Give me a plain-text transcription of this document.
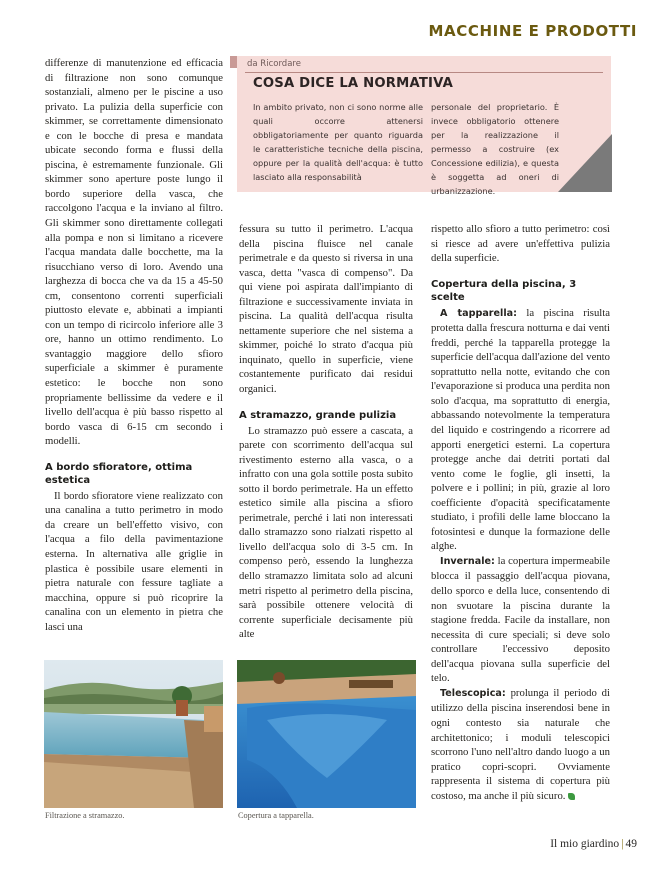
MACCHINE E PRODOTTI

differenze di manutenzione ed efficacia di filtrazione non sono comunque sostanziali, almeno per le piscine a uso privato. La pulizia della superficie con skimmer, se correttamente dimensionato e con le bocche di presa e mandata ubicate secondo forma e flussi della piscina, è estremamente funzionale. Gli skimmer sono aperture poste lungo il bordo superiore della vasca, che raccolgono l'acqua e la inviano al filtro. Gli skimmer sono direttamente collegati alla pompa e non si limitano a ricevere l'acqua mandata dalle bocchette, ma la risucchiano verso di loro. Avendo una larghezza di bocca che va da 15 a 45-50 cm, consentono correnti superficiali piuttosto elevate e, abbinati a impianti con un tempo di ricircolo inferiore alle 3 ore, hanno un ottimo rendimento. Lo svantaggio maggiore dello sfioro superficiale a skimmer è puramente estetico: le bocche non sono propriamente bellissime da vedere e il livello dell'acqua è più basso rispetto al bordo vasca di 6-15 cm secondo i modelli.

A bordo sfioratore, ottima estetica

Il bordo sfioratore viene realizzato con una canalina a tutto perimetro in modo da creare un bell'effetto visivo, con l'acqua a filo della pavimentazione esterna. In alternativa alle griglie in plastica è possibile usare elementi in pietra naturale con fessure tagliate a macchina, oppure si può ricoprire la canalina con un elemento in pietra che lasci una

da Ricordare
COSA DICE LA NORMATIVA
In ambito privato, non ci sono norme alle quali occorre attenersi obbligatoriamente per quanto riguarda le caratteristiche tecniche della piscina, oppure per la qualità dell'acqua: è tutto lasciato alla responsabilità
personale del proprietario. È invece obbligatorio ottenere per la realizzazione il permesso a costruire (ex Concessione edilizia), e questa è soggetta ad oneri di urbanizzazione.

fessura su tutto il perimetro. L'acqua della piscina fluisce nel canale perimetrale e da questo si riversa in una vasca, detta "vasca di compenso". Da qui viene poi aspirata dall'impianto di filtrazione e successivamente inviata in piscina. La qualità dell'acqua risulta nettamente superiore che nel sistema a skimmer, poiché lo strato d'acqua più inquinato, quello in superficie, viene costantemente purificato dai residui organici.

A stramazzo, grande pulizia

Lo stramazzo può essere a cascata, a parete con scorrimento dell'acqua sul rivestimento esterno alla vasca, o a infratto con una gola sottile posta subito sotto il bordo perimetrale. Ha un effetto estetico simile alla piscina a sfioro perimetrale, perché i lati non interessati dallo stramazzo sono rialzati rispetto al livello dell'acqua solo di 3-5 cm. In compenso però, essendo la lunghezza dello stramazzo limitata solo ad alcuni metri rispetto al perimetro della piscina, sarà possibile ottenere velocità di corrente superficiale decisamente più alte

rispetto allo sfioro a tutto perimetro: così si riesce ad avere un'effettiva pulizia della superficie.

Copertura della piscina, 3 scelte

A tapparella: la piscina risulta protetta dalla frescura notturna e dai venti freddi, perché la tapparella protegge la superficie dell'acqua dall'azione del vento soprattutto nella notte, evitando che con l'evaporazione si produca una perdita non solo d'acqua, ma soprattutto di energia, abbassando notevolmente la temperatura del liquido e costringendo a ricorrere ad apporti energetici esterni. La copertura protegge anche dai detriti portati dal vento come le foglie, gli insetti, la polvere e i pollini; in più, grazie al loro coefficiente d'opacità specificatamente studiato, i profili delle lame bloccano la fotosintesi e dunque la formazione delle alghe.

Invernale: la copertura impermeabile blocca il passaggio dell'acqua piovana, dello sporco e della luce, consentendo di non svuotare la piscina durante la stagione fredda. Facile da installare, non necessita di cure speciali; si deve solo controllare l'eccessivo deposito dell'acqua piovana sulla superficie del telo.

Telescopica: prolunga il periodo di utilizzo della piscina inserendosi bene in ogni contesto sia naturale che architettonico; i moduli telescopici scorrono l'uno nell'altro dando luogo a un pratico copri-scopri. Ovviamente rappresenta il sistema di copertura più costoso, ma anche il più sicuro.

Filtrazione a stramazzo.	Copertura a tapparella.
Il mio giardino | 49
